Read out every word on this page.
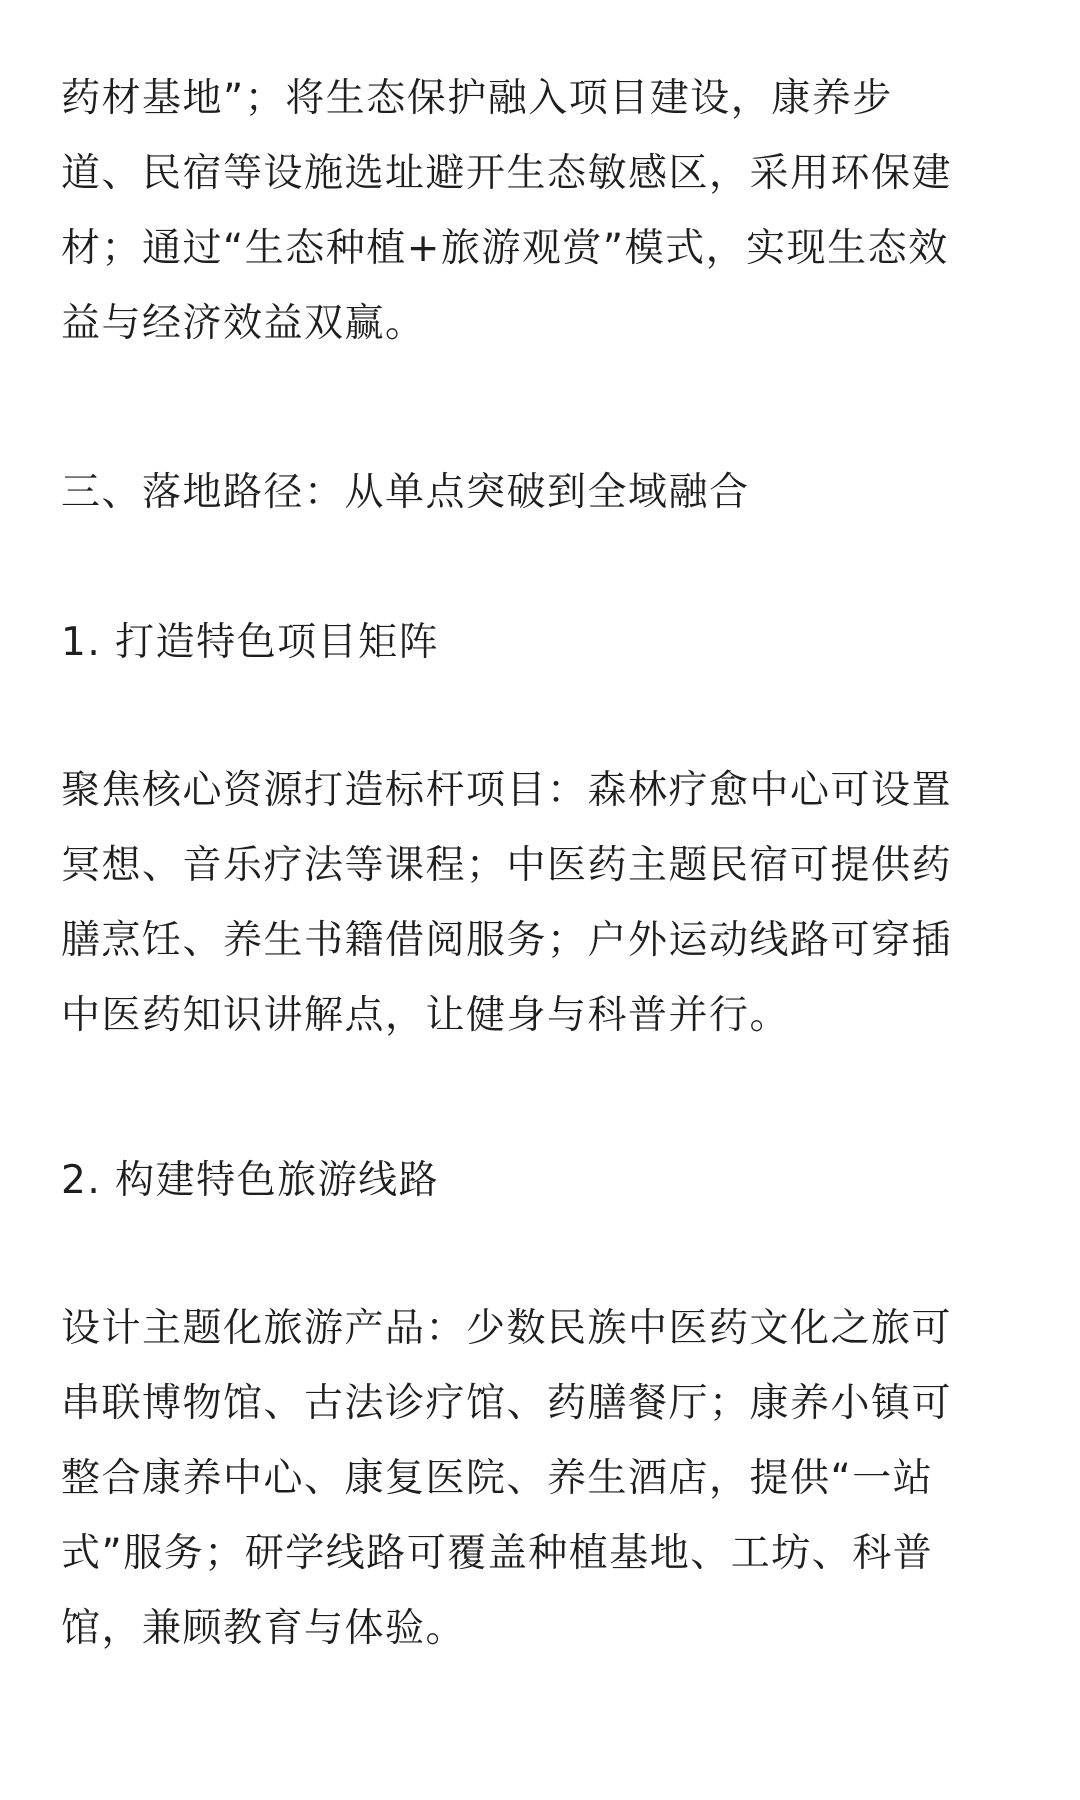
药材基地”；将生态保护融入项目建设，康养步
道、民宿等设施选址避开生态敏感区，采用环保建
材；通过“生态种植+旅游观赏”模式，实现生态效
益与经济效益双赢。

三、落地路径：从单点突破到全域融合
1. 打造特色项目矩阵

聚焦核心资源打造标杆项目：森林疗愈中心可设置
冥想、音乐疗法等课程；中医药主题民宿可提供药
膳烹饪、养生书籍借阅服务；户外运动线路可穿插
中医药知识讲解点，让健身与科普并行。

2. 构建特色旅游线路

设计主题化旅游产品：少数民族中医药文化之旅可
串联博物馆、古法诊疗馆、药膳餐厅；康养小镇可
整合康养中心、康复医院、养生酒店，提供“一站
式”服务；研学线路可覆盖种植基地、工坊、科普
馆，兼顾教育与体验。
